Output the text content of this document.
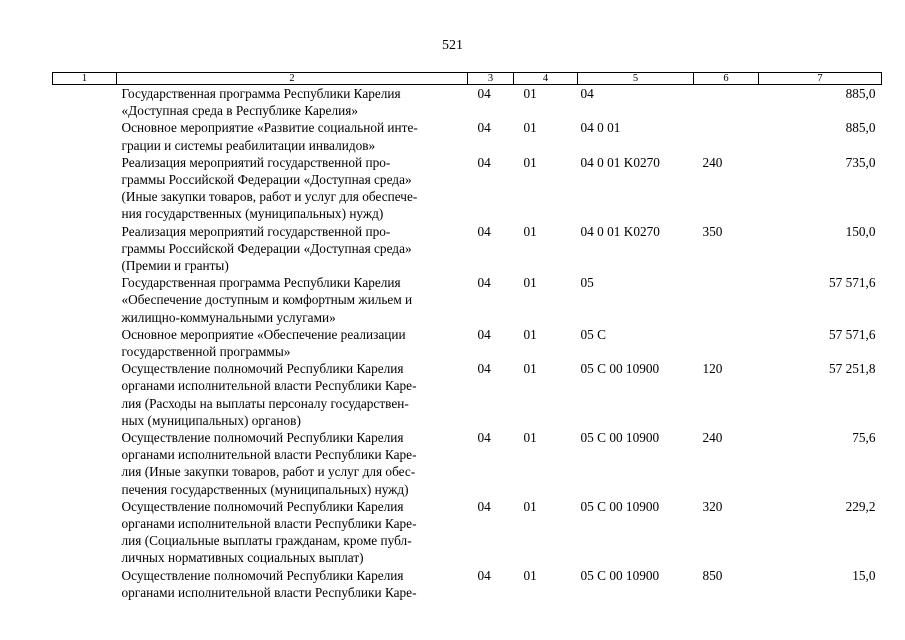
521
1	2	3	4	5	6	7
	Государственная программа Республики Карелия
«Доступная среда в Республике Карелия»	04	01	04		885,0
	Основное мероприятие «Развитие социальной инте-
грации и системы реабилитации инвалидов»	04	01	04 0 01		885,0
	Реализация мероприятий государственной про-
граммы Российской Федерации «Доступная среда»
(Иные закупки товаров, работ и услуг для обеспече-
ния государственных (муниципальных) нужд)	04	01	04 0 01 K0270	240	735,0
	Реализация мероприятий государственной про-
граммы Российской Федерации «Доступная среда»
(Премии и гранты)	04	01	04 0 01 K0270	350	150,0
	Государственная программа Республики Карелия
«Обеспечение доступным и комфортным жильем и
жилищно-коммунальными услугами»	04	01	05		57 571,6
	Основное мероприятие «Обеспечение реализации
государственной программы»	04	01	05 С		57 571,6
	Осуществление полномочий Республики Карелия
органами исполнительной власти Республики Каре-
лия (Расходы на выплаты персоналу государствен-
ных (муниципальных) органов)	04	01	05 С 00 10900	120	57 251,8
	Осуществление полномочий Республики Карелия
органами исполнительной власти Республики Каре-
лия (Иные закупки товаров, работ и услуг для обес-
печения государственных (муниципальных) нужд)	04	01	05 С 00 10900	240	75,6
	Осуществление полномочий Республики Карелия
органами исполнительной власти Республики Каре-
лия (Социальные выплаты гражданам, кроме публ-
личных нормативных социальных выплат)	04	01	05 С 00 10900	320	229,2
	Осуществление полномочий Республики Карелия
органами исполнительной власти Республики Каре-	04	01	05 С 00 10900	850	15,0
